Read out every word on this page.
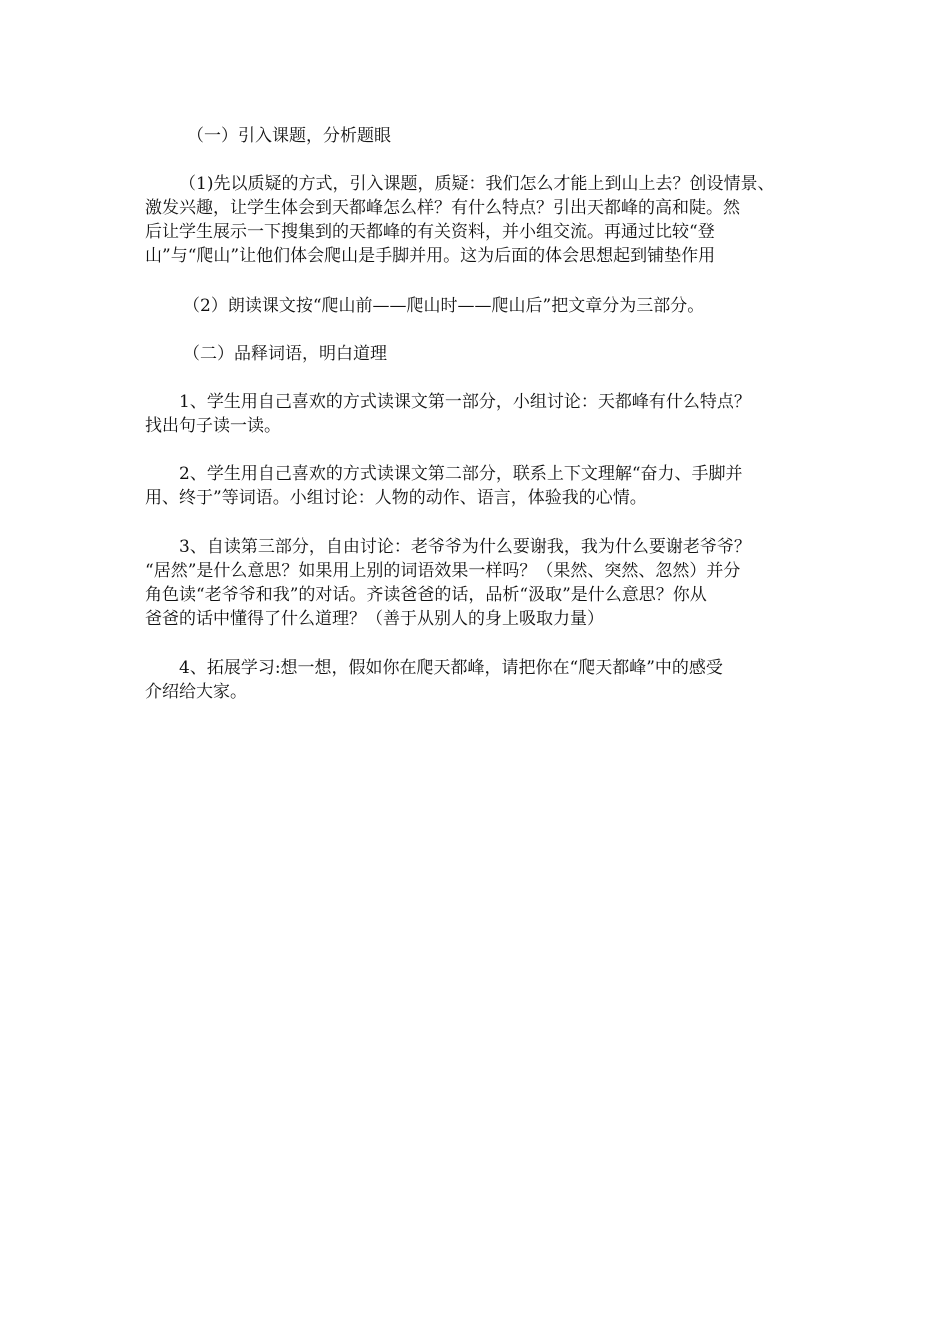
（一）引入课题，分析题眼

（1)先以质疑的方式，引入课题，质疑：我们怎么才能上到山上去？创设情景、
激发兴趣，让学生体会到天都峰怎么样？有什么特点？引出天都峰的高和陡。然
后让学生展示一下搜集到的天都峰的有关资料，并小组交流。再通过比较“登
山”与“爬山”让他们体会爬山是手脚并用。这为后面的体会思想起到铺垫作用

（2）朗读课文按“爬山前——爬山时——爬山后”把文章分为三部分。

（二）品释词语，明白道理

1、学生用自己喜欢的方式读课文第一部分，小组讨论：天都峰有什么特点？
找出句子读一读。

2、学生用自己喜欢的方式读课文第二部分，联系上下文理解“奋力、手脚并
用、终于”等词语。小组讨论：人物的动作、语言，体验我的心情。

3、自读第三部分，自由讨论：老爷爷为什么要谢我，我为什么要谢老爷爷？
“居然”是什么意思？如果用上别的词语效果一样吗？（果然、突然、忽然）并分
角色读“老爷爷和我”的对话。齐读爸爸的话，品析“汲取”是什么意思？你从
爸爸的话中懂得了什么道理？（善于从别人的身上吸取力量）

4、拓展学习:想一想，假如你在爬天都峰，请把你在“爬天都峰”中的感受
介绍给大家。
